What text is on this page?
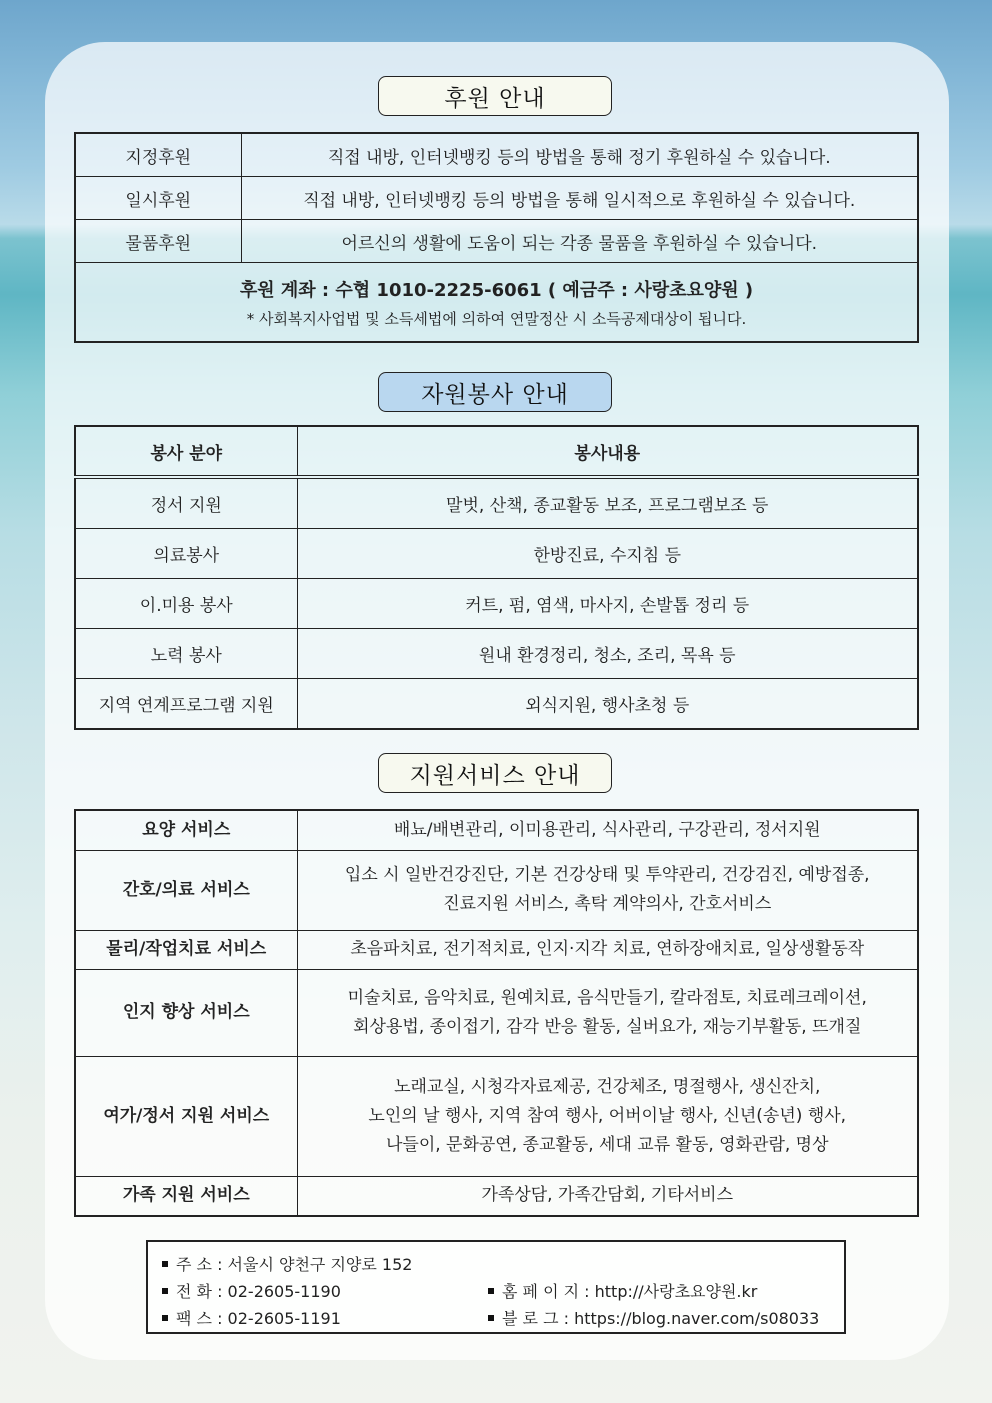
후원 안내
지정후원	직접 내방, 인터넷뱅킹 등의 방법을 통해 정기 후원하실 수 있습니다.
일시후원	직접 내방, 인터넷뱅킹 등의 방법을 통해 일시적으로 후원하실 수 있습니다.
물품후원	어르신의 생활에 도움이 되는 각종 물품을 후원하실 수 있습니다.

후원 계좌 : 수협 1010-2225-6061 ( 예금주 : 사랑초요양원 )
* 사회복지사업법 및 소득세법에 의하여 연말정산 시 소득공제대상이 됩니다.	
자원봉사 안내
봉사 분야	봉사내용
정서 지원	말벗, 산책, 종교활동 보조, 프로그램보조 등
의료봉사	한방진료, 수지침 등
이.미용 봉사	커트, 펌, 염색, 마사지, 손발톱 정리 등
노력 봉사	원내 환경정리, 청소, 조리, 목욕 등
지역 연계프로그램 지원	외식지원, 행사초청 등
지원서비스 안내
요양 서비스	배뇨/배변관리, 이미용관리, 식사관리, 구강관리, 정서지원

간호/의료 서비스	입소 시 일반건강진단, 기본 건강상태 및 투약관리, 건강검진, 예방접종,
진료지원 서비스, 촉탁 계약의사, 간호서비스

물리/작업치료 서비스	초음파치료, 전기적치료, 인지·지각 치료, 연하장애치료, 일상생활동작

인지 향상 서비스	미술치료, 음악치료, 원예치료, 음식만들기, 칼라점토, 치료레크레이션,
회상용법, 종이접기, 감각 반응 활동, 실버요가, 재능기부활동, 뜨개질

여가/정서 지원 서비스	노래교실, 시청각자료제공, 건강체조, 명절행사, 생신잔치,
노인의 날 행사, 지역 참여 행사, 어버이날 행사, 신년(송년) 행사,
나들이, 문화공연, 종교활동, 세대 교류 활동, 영화관람, 명상

가족 지원 서비스	가족상담, 가족간담회, 기타서비스
주 소 : 서울시 양천구 지양로 152
전 화 : 02-2605-1190
팩 스 : 02-2605-1191
홈 페 이 지 : http://사랑초요양원.kr
블 로 그 : https://blog.naver.com/s08033
